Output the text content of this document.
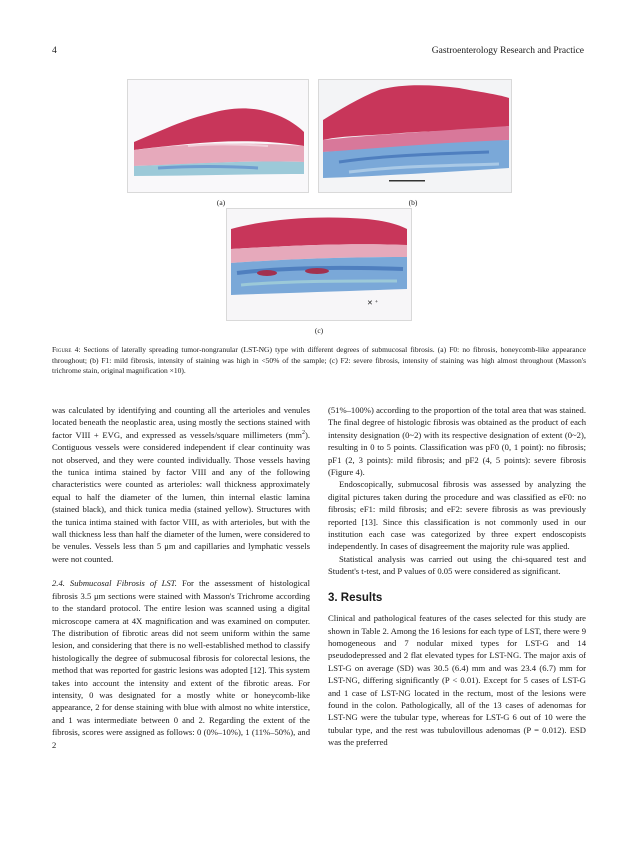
4	Gastroenterology Research and Practice
(a)	(b)
✕ ⁺
(c)
Figure 4: Sections of laterally spreading tumor-nongranular (LST-NG) type with different degrees of submucosal fibrosis. (a) F0: no fibrosis, honeycomb-like appearance throughout; (b) F1: mild fibrosis, intensity of staining was high in <50% of the sample; (c) F2: severe fibrosis, intensity of staining was high almost throughout (Masson's trichrome stain, original magnification ×10).

was calculated by identifying and counting all the arterioles and venules located beneath the neoplastic area, using mostly the sections stained with factor VIII + EVG, and expressed as vessels/square millimeters $(mm^2)$. Contiguous vessels were considered independent if clear continuity was not observed, and they were counted individually. Those vessels having the tunica intima stained by factor VIII and any of the following characteristics were counted as arterioles: wall thickness approximately equal to half the diameter of the lumen, thin internal elastic lamina (stained black), and thick tunica media (stained yellow). Structures with the tunica intima stained with factor VIII, as with arterioles, but with the wall thickness less than half the diameter of the lumen, were considered to be venules. Vessels less than 5 μm and capillaries and lymphatic vessels were not counted.

2.4. Submucosal Fibrosis of LST. For the assessment of histological fibrosis 3.5 μm sections were stained with Masson's Trichrome according to the standard protocol. The entire lesion was scanned using a digital microscope camera at 4X magnification and was examined on computer. The distribution of fibrotic areas did not seem uniform within the same lesion, and considering that there is no well-established method to classify histologically the degree of submucosal fibrosis for colorectal lesions, the method that was reported for gastric lesions was adopted [12]. This system takes into account the intensity and extent of the fibrotic areas. For intensity, 0 was designated for a mostly white or honeycomb-like appearance, 2 for dense staining with blue with almost no white interstice, and 1 was intermediate between 0 and 2. Regarding the extent of the fibrosis, scores were assigned as follows: 0 (0%–10%), 1 (11%–50%), and 2

(51%–100%) according to the proportion of the total area that was stained. The final degree of histologic fibrosis was obtained as the product of each intensity designation (0~2) with its respective designation of extent (0~2), resulting in 0 to 5 points. Classification was pF0 (0, 1 point): no fibrosis; pF1 (2, 3 points): mild fibrosis; and pF2 (4, 5 points): severe fibrosis (Figure 4).

Endoscopically, submucosal fibrosis was assessed by analyzing the digital pictures taken during the procedure and was classified as eF0: no fibrosis; eF1: mild fibrosis; and eF2: severe fibrosis as was previously reported [13]. Since this classification is not commonly used in our institution each case was categorized by three expert endoscopists independently. In cases of disagreement the majority rule was applied.

Statistical analysis was carried out using the chi-squared test and Student's t-test, and P values of 0.05 were considered as significant.

3. Results

Clinical and pathological features of the cases selected for this study are shown in Table 2. Among the 16 lesions for each type of LST, there were 9 homogeneous and 7 nodular mixed types for LST-G and 14 pseudodepressed and 2 flat elevated types for LST-NG. The major axis of LST-G on average (SD) was 30.5 (6.4) mm and was 23.4 (6.7) mm for LST-NG, differing significantly (P < 0.01). Except for 5 cases of LST-G and 1 case of LST-NG located in the rectum, most of the lesions were found in the colon. Pathologically, all of the 13 cases of adenomas for LST-NG were the tubular type, whereas for LST-G 6 out of 10 were the tubular type, and the rest was tubulovillous adenomas (P = 0.012). ESD was the preferred
